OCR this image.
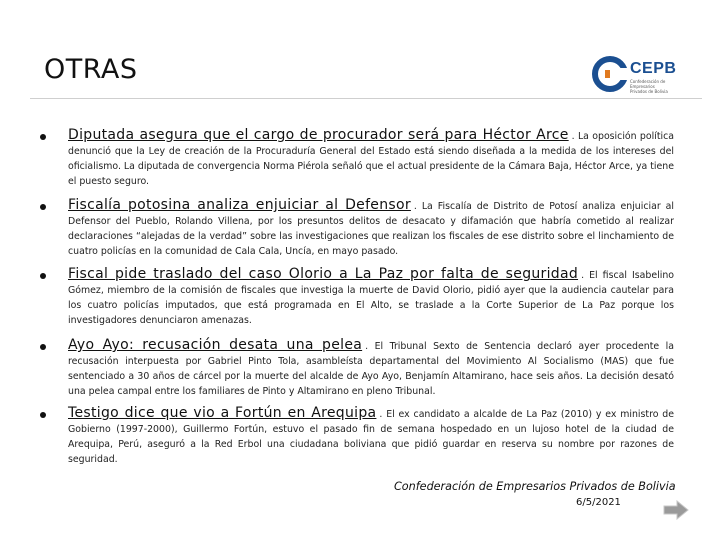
OTRAS	CEPB
Confederación de Empresarios Privados de Bolivia
Diputada asegura que el cargo de procurador será para Héctor Arce . La oposición política denunció que la Ley de creación de la Procuraduría General del Estado está siendo diseñada a la medida de los intereses del oficialismo. La diputada de convergencia Norma Piérola señaló que el actual presidente de la Cámara Baja, Héctor Arce, ya tiene el puesto seguro.
Fiscalía potosina analiza enjuiciar al Defensor . La Fiscalía de Distrito de Potosí analiza enjuiciar al Defensor del Pueblo, Rolando Villena, por los presuntos delitos de desacato y difamación que habría cometido al realizar declaraciones “alejadas de la verdad” sobre las investigaciones que realizan los fiscales de ese distrito sobre el linchamiento de cuatro policías en la comunidad de Cala Cala, Uncía, en mayo pasado.
Fiscal pide traslado del caso Olorio a La Paz por falta de seguridad . El fiscal Isabelino Gómez, miembro de la comisión de fiscales que investiga la muerte de David Olorio, pidió ayer que la audiencia cautelar para los cuatro policías imputados, que está programada en El Alto, se traslade a la Corte Superior de La Paz porque los investigadores denunciaron amenazas.
Ayo Ayo: recusación desata una pelea . El Tribunal Sexto de Sentencia declaró ayer procedente la recusación interpuesta por Gabriel Pinto Tola, asambleísta departamental del Movimiento Al Socialismo (MAS) que fue sentenciado a 30 años de cárcel por la muerte del alcalde de Ayo Ayo, Benjamín Altamirano, hace seis años. La decisión desató una pelea campal entre los familiares de Pinto y Altamirano en pleno Tribunal.
Testigo dice que vio a Fortún en Arequipa . El ex candidato a alcalde de La Paz (2010) y ex ministro de Gobierno (1997-2000), Guillermo Fortún, estuvo el pasado fin de semana hospedado en un lujoso hotel de la ciudad de Arequipa, Perú, aseguró a la Red Erbol una ciudadana boliviana que pidió guardar en reserva su nombre por razones de seguridad.
Confederación de Empresarios Privados de Bolivia
6/5/2021
